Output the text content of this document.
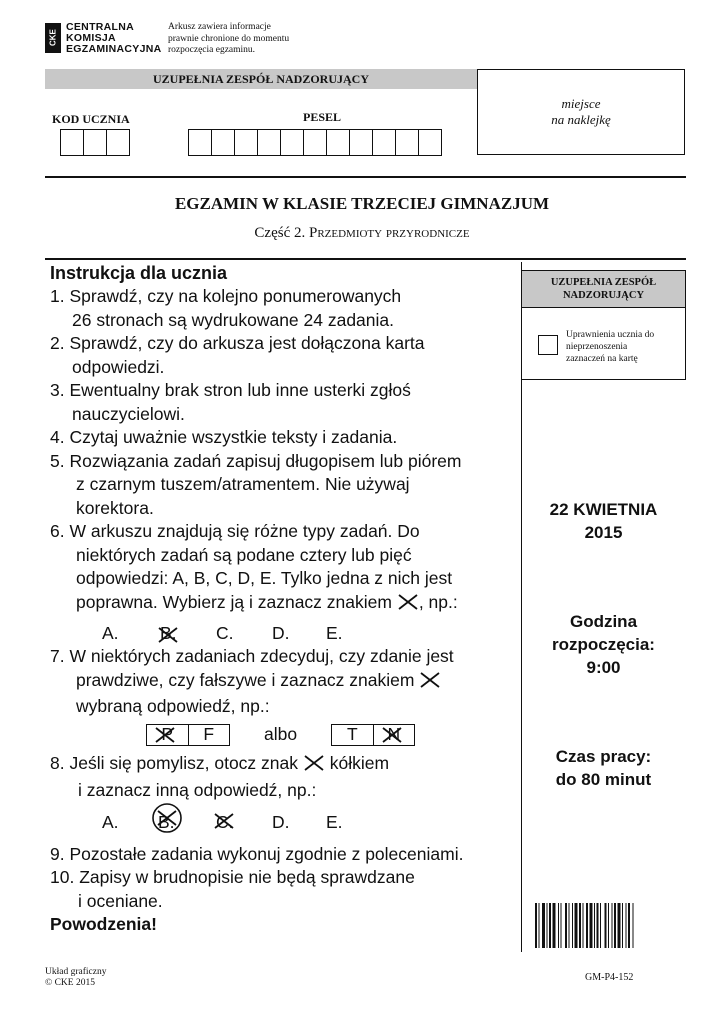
CKE
CENTRALNA
KOMISJA
EGZAMINACYJNA
Arkusz zawiera informacje
prawnie chronione do momentu
rozpoczęcia egzaminu.
UZUPEŁNIA ZESPÓŁ NADZORUJĄCY
miejsce
na naklejkę
KOD UCZNIA	PESEL
EGZAMIN W KLASIE TRZECIEJ GIMNAZJUM
Część 2. Przedmioty przyrodnicze
Instrukcja dla ucznia
1. Sprawdź, czy na kolejno ponumerowanych
26 stronach są wydrukowane 24 zadania.
2. Sprawdź, czy do arkusza jest dołączona karta
odpowiedzi.
3. Ewentualny brak stron lub inne usterki zgłoś
nauczycielowi.
4. Czytaj uważnie wszystkie teksty i zadania.
5. Rozwiązania zadań zapisuj długopisem lub piórem
z czarnym tuszem/atramentem. Nie używaj
korektora.
6. W arkuszu znajdują się różne typy zadań. Do
niektórych zadań są podane cztery lub pięć
odpowiedzi: A, B, C, D, E. Tylko jedna z nich jest
poprawna. Wybierz ją i zaznacz znakiem , np.:
A.	B.	C.	D.	E.
7. W niektórych zadaniach zdecyduj, czy zdanie jest
prawdziwe, czy fałszywe i zaznacz znakiem
wybraną odpowiedź, np.:
P	F	albo	T	N
8. Jeśli się pomylisz, otocz znak kółkiem
i zaznacz inną odpowiedź, np.:
A.	B.	C.	D.	E.
9. Pozostałe zadania wykonuj zgodnie z poleceniami.
10. Zapisy w brudnopisie nie będą sprawdzane
i oceniane.
Powodzenia!
UZUPEŁNIA ZESPÓŁ
NADZORUJĄCY
Uprawnienia ucznia do
nieprzenoszenia
zaznaczeń na kartę
22 KWIETNIA
2015
Godzina
rozpoczęcia:
9:00
Czas pracy:
do 80 minut
Układ graficzny
© CKE 2015	GM-P4-152
